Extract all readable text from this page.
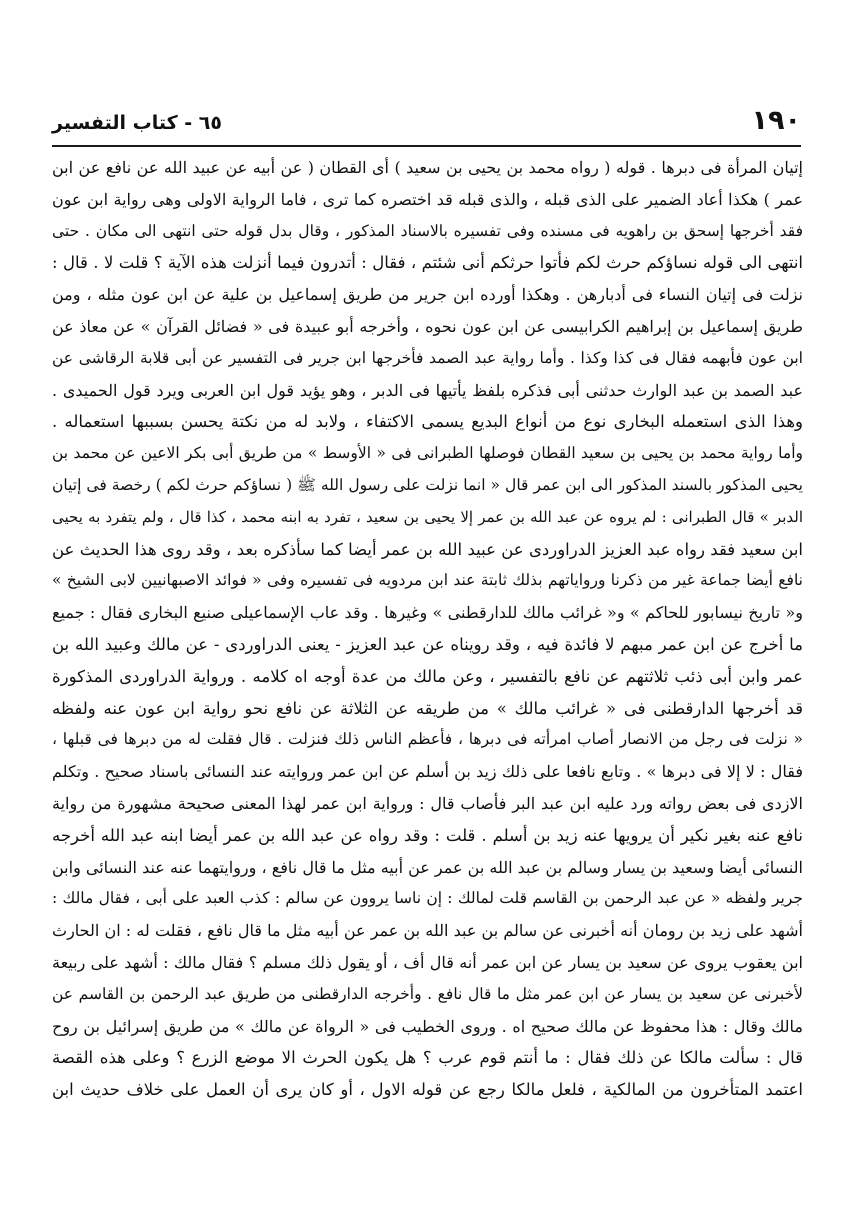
١٩٠
٦٥ - كتاب التفسير
إتيان المرأة فى دبرها . قوله ( رواه محمد بن يحيى بن سعيد ) أى القطان ( عن أبيه عن عبيد الله عن نافع عن ابن
عمر ) هكذا أعاد الضمير على الذى قبله ، والذى قبله قد اختصره كما ترى ، فاما الرواية الاولى وهى رواية ابن عون
فقد أخرجها إسحق بن راهويه فى مسنده وفى تفسيره بالاسناد المذكور ، وقال بدل قوله حتى انتهى الى مكان . حتى
انتهى الى قوله نساؤكم حرث لكم فأتوا حرثكم أنى شئتم ، فقال : أتدرون فيما أنزلت هذه الآية ؟ قلت لا . قال :
نزلت فى إتيان النساء فى أدبارهن . وهكذا أورده ابن جرير من طريق إسماعيل بن علية عن ابن عون مثله ، ومن
طريق إسماعيل بن إبراهيم الكرابيسى عن ابن عون نحوه ، وأخرجه أبو عبيدة فى « فضائل القرآن » عن معاذ عن
ابن عون فأبهمه فقال فى كذا وكذا . وأما رواية عبد الصمد فأخرجها ابن جرير فى التفسير عن أبى قلابة الرقاشى عن
عبد الصمد بن عبد الوارث حدثنى أبى فذكره بلفظ يأتيها فى الدبر ، وهو يؤيد قول ابن العربى ويرد قول الحميدى .
وهذا الذى استعمله البخارى نوع من أنواع البديع يسمى الاكتفاء ، ولابد له من نكتة يحسن بسببها استعماله .
وأما رواية محمد بن يحيى بن سعيد القطان فوصلها الطبرانى فى « الأوسط » من طريق أبى بكر الاعين عن محمد بن
يحيى المذكور بالسند المذكور الى ابن عمر قال « انما نزلت على رسول الله ﷺ ( نساؤكم حرث لكم ) رخصة فى إتيان
الدبر » قال الطبرانى : لم يروه عن عبد الله بن عمر إلا يحيى بن سعيد ، تفرد به ابنه محمد ، كذا قال ، ولم يتفرد به يحيى
ابن سعيد فقد رواه عبد العزيز الدراوردى عن عبيد الله بن عمر أيضا كما سأذكره بعد ، وقد روى هذا الحديث عن
نافع أيضا جماعة غير من ذكرنا ورواياتهم بذلك ثابتة عند ابن مردويه فى تفسيره وفى « فوائد الاصبهانيين لابى الشيخ »
و« تاريخ نيسابور للحاكم » و« غرائب مالك للدارقطنى » وغيرها . وقد عاب الإسماعيلى صنيع البخارى فقال : جميع
ما أخرج عن ابن عمر مبهم لا فائدة فيه ، وقد رويناه عن عبد العزيز - يعنى الدراوردى - عن مالك وعبيد الله بن
عمر وابن أبى ذئب ثلاثتهم عن نافع بالتفسير ، وعن مالك من عدة أوجه اه كلامه . ورواية الدراوردى المذكورة
قد أخرجها الدارقطنى فى « غرائب مالك » من طريقه عن الثلاثة عن نافع نحو رواية ابن عون عنه ولفظه
« نزلت فى رجل من الانصار أصاب امرأته فى دبرها ، فأعظم الناس ذلك فنزلت . قال فقلت له من دبرها فى قبلها ،
فقال : لا إلا فى دبرها » . وتابع نافعا على ذلك زيد بن أسلم عن ابن عمر وروايته عند النسائى باسناد صحيح . وتكلم
الازدى فى بعض رواته ورد عليه ابن عبد البر فأصاب قال : ورواية ابن عمر لهذا المعنى صحيحة مشهورة من رواية
نافع عنه بغير نكير أن يرويها عنه زيد بن أسلم . قلت : وقد رواه عن عبد الله بن عمر أيضا ابنه عبد الله أخرجه
النسائى أيضا وسعيد بن يسار وسالم بن عبد الله بن عمر عن أبيه مثل ما قال نافع ، وروايتهما عنه عند النسائى وابن
جرير ولفظه « عن عبد الرحمن بن القاسم قلت لمالك : إن ناسا يروون عن سالم : كذب العبد على أبى ، فقال مالك :
أشهد على زيد بن رومان أنه أخبرنى عن سالم بن عبد الله بن عمر عن أبيه مثل ما قال نافع ، فقلت له : ان الحارث
ابن يعقوب يروى عن سعيد بن يسار عن ابن عمر أنه قال أف ، أو يقول ذلك مسلم ؟ فقال مالك : أشهد على ربيعة
لأخبرنى عن سعيد بن يسار عن ابن عمر مثل ما قال نافع . وأخرجه الدارقطنى من طريق عبد الرحمن بن القاسم عن
مالك وقال : هذا محفوظ عن مالك صحيح اه . وروى الخطيب فى « الرواة عن مالك » من طريق إسرائيل بن روح
قال : سألت مالكا عن ذلك فقال : ما أنتم قوم عرب ؟ هل يكون الحرث الا موضع الزرع ؟ وعلى هذه القصة
اعتمد المتأخرون من المالكية ، فلعل مالكا رجع عن قوله الاول ، أو كان يرى أن العمل على خلاف حديث ابن
